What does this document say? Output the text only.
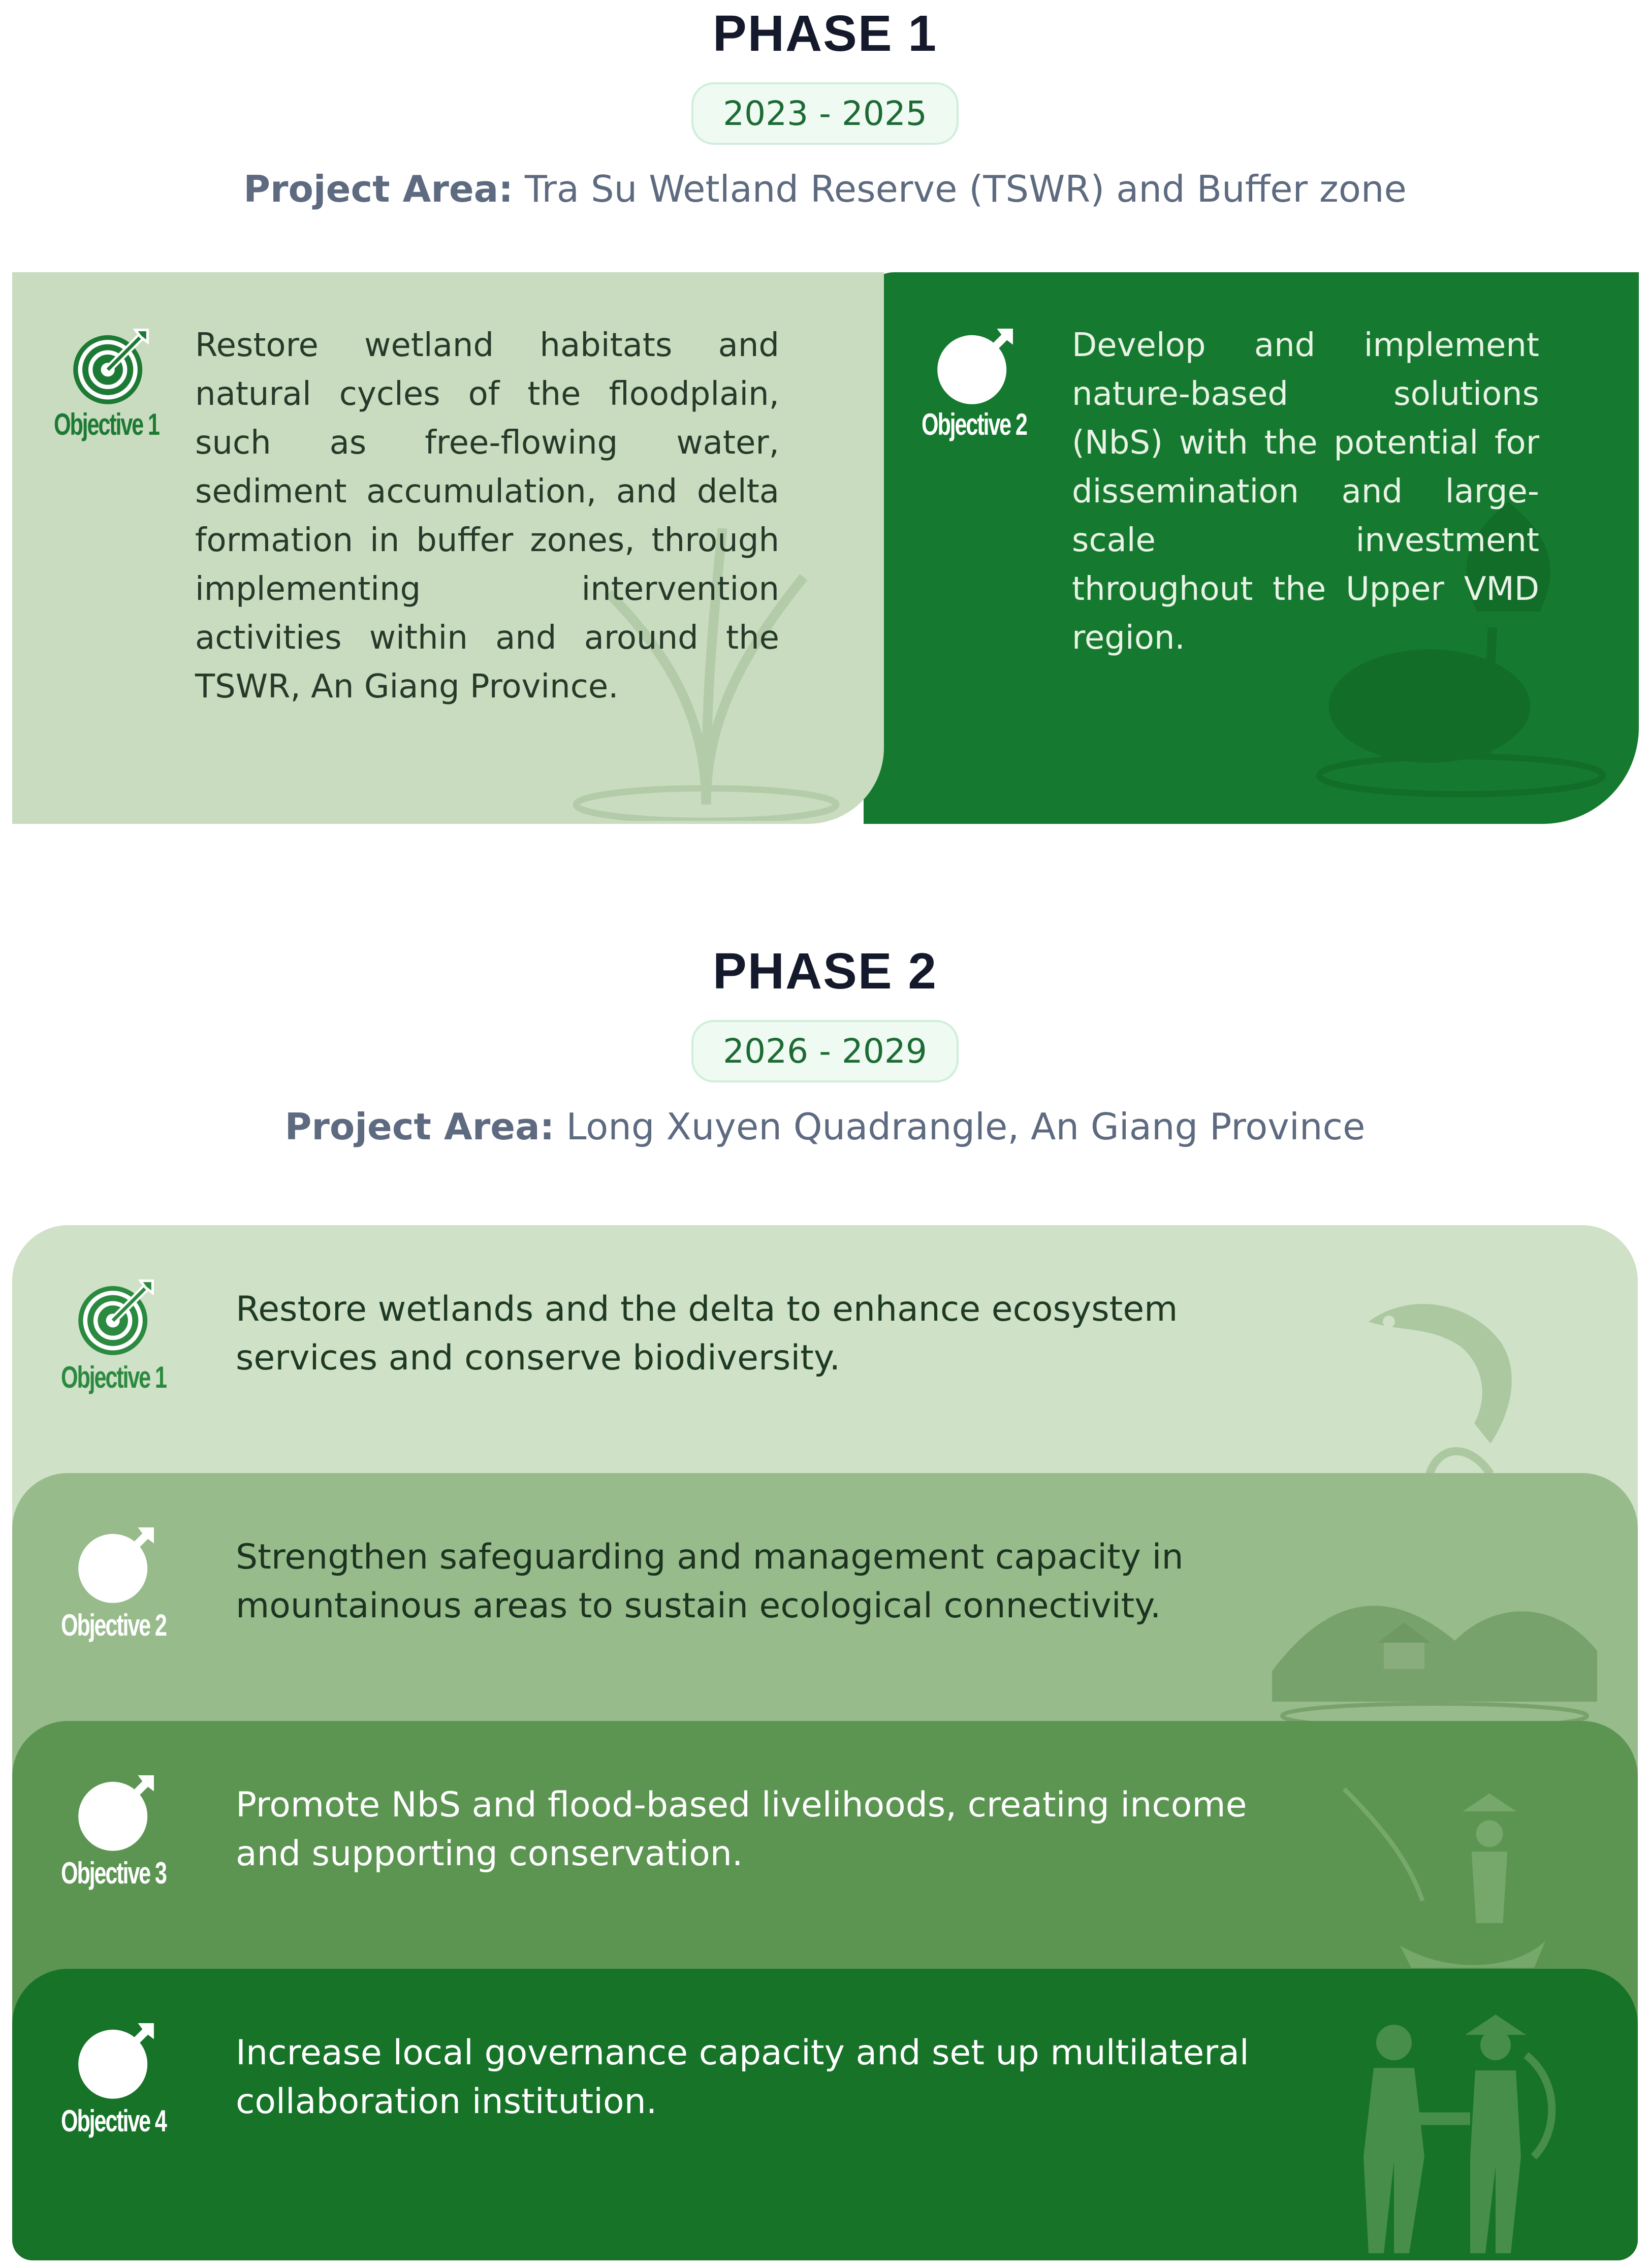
PHASE 1
2023 - 2025
Project Area: Tra Su Wetland Reserve (TSWR) and Buffer zone
Objective 2
Develop and implement nature-based solutions (NbS) with the potential for dissemination and large-scale investment throughout the Upper VMD region.
Objective 1
Restore wetland habitats and natural cycles of the floodplain, such as free-flowing water, sediment accumulation, and delta formation in buffer zones, through implementing intervention activities within and around the TSWR, An Giang Province.
PHASE 2
2026 - 2029
Project Area: Long Xuyen Quadrangle, An Giang Province
Objective 1
Restore wetlands and the delta to enhance ecosystem services and conserve biodiversity.
Objective 2
Strengthen safeguarding and management capacity in mountainous areas to sustain ecological connectivity.
Objective 3
Promote NbS and flood-based livelihoods, creating income and supporting conservation.
Objective 4
Increase local governance capacity and set up multilateral collaboration institution.
